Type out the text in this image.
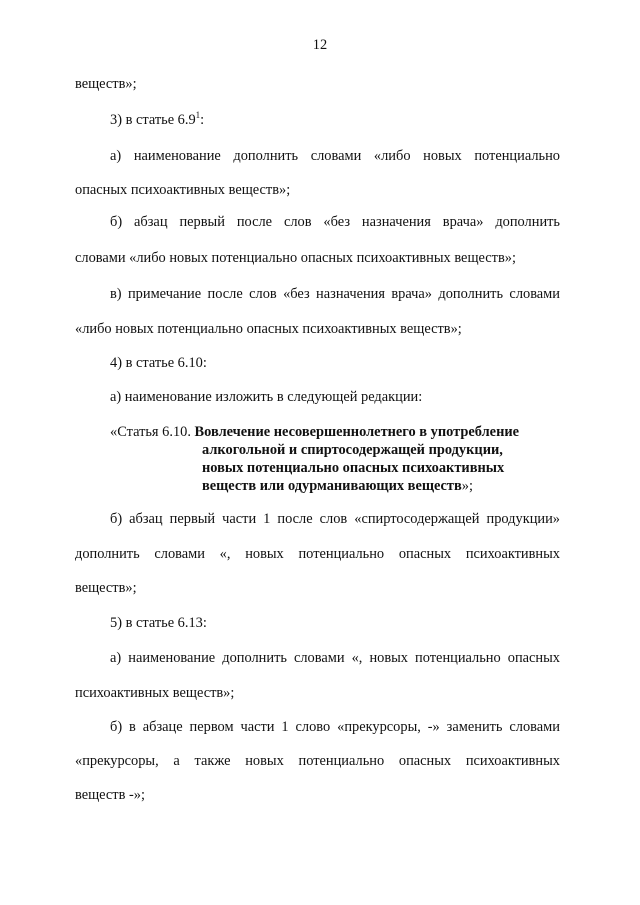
12
веществ»;
3) в статье $6.9^1$:
а) наименование дополнить словами «либо новых потенциально
опасных психоактивных веществ»;
б) абзац первый после слов «без назначения врача» дополнить
словами «либо новых потенциально опасных психоактивных веществ»;
в) примечание после слов «без назначения врача» дополнить словами
«либо новых потенциально опасных психоактивных веществ»;
4) в статье 6.10:
а) наименование изложить в следующей редакции:
«Статья 6.10. Вовлечение несовершеннолетнего в употребление
алкогольной и спиртосодержащей продукции,
новых потенциально опасных психоактивных
веществ или одурманивающих веществ»;
б) абзац первый части 1 после слов «спиртосодержащей продукции»
дополнить словами «, новых потенциально опасных психоактивных
веществ»;
5) в статье 6.13:
а) наименование дополнить словами «, новых потенциально опасных
психоактивных веществ»;
б) в абзаце первом части 1 слово «прекурсоры, -» заменить словами
«прекурсоры, а также новых потенциально опасных психоактивных
веществ -»;
